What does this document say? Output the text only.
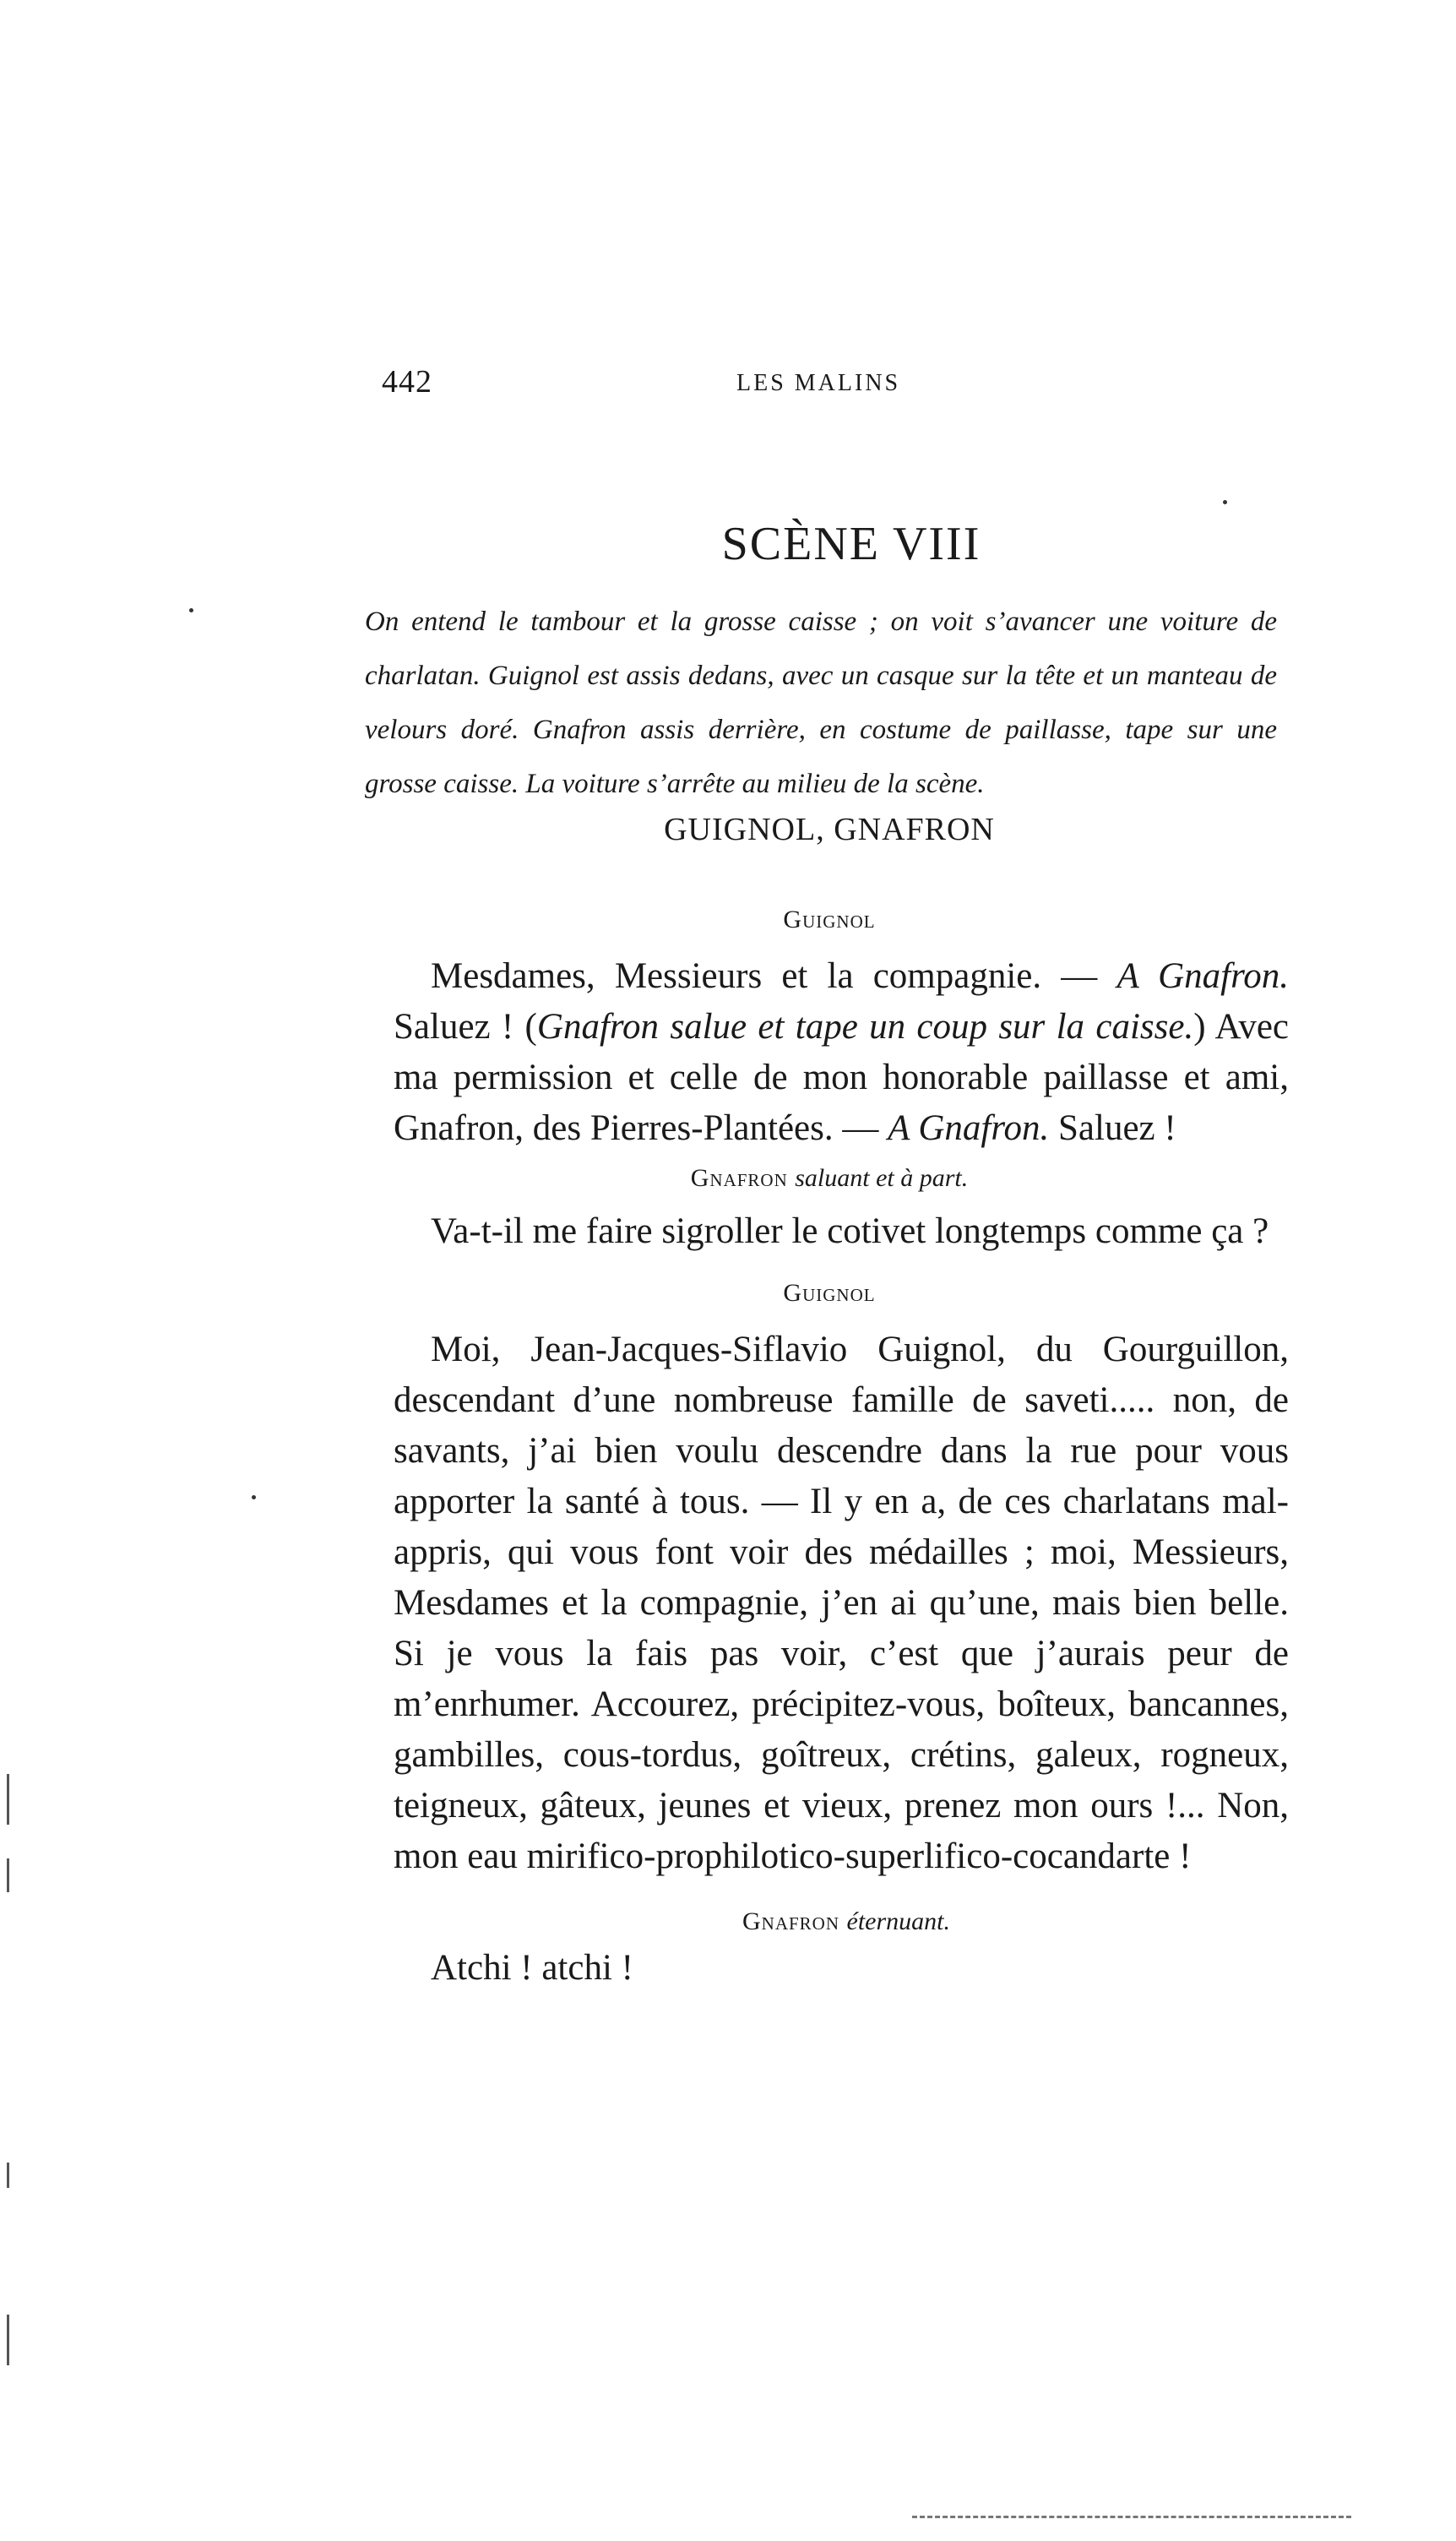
442	LES MALINS
SCÈNE VIII
On entend le tambour et la grosse caisse ; on voit s’avancer une voiture de charlatan. Guignol est assis dedans, avec un casque sur la tête et un manteau de velours doré. Gnafron assis derrière, en costume de paillasse, tape sur une grosse caisse. La voiture s’arrête au milieu de la scène.
GUIGNOL, GNAFRON
Guignol

Mesdames, Messieurs et la compagnie. — A Gnafron. Saluez ! (Gnafron salue et tape un coup sur la caisse.) Avec ma permission et celle de mon honorable paillasse et ami, Gnafron, des Pierres-Plantées. — A Gnafron. Saluez !

Gnafron saluant et à part.

Va-t-il me faire sigroller le cotivet longtemps comme ça ?

Guignol

Moi, Jean-Jacques-Siflavio Guignol, du Gourguillon, descendant d’une nombreuse famille de saveti..... non, de savants, j’ai bien voulu descendre dans la rue pour vous apporter la santé à tous. — Il y en a, de ces charlatans mal-appris, qui vous font voir des médailles ; moi, Messieurs, Mesdames et la compagnie, j’en ai qu’une, mais bien belle. Si je vous la fais pas voir, c’est que j’aurais peur de m’enrhumer. Accourez, précipitez-vous, boîteux, bancannes, gambilles, cous-tordus, goîtreux, crétins, galeux, rogneux, teigneux, gâteux, jeunes et vieux, prenez mon ours !... Non, mon eau mirifico-prophilotico-superlifico-cocandarte !

Gnafron éternuant.

Atchi ! atchi !
